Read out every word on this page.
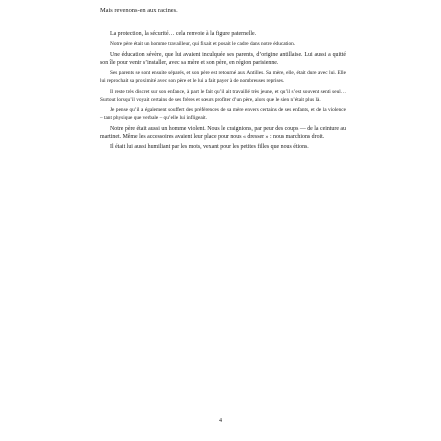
Mais revenons-en aux racines.

La protection, la sécurité… cela renvoie à la figure paternelle.

Notre père était un homme travailleur, qui fixait et posait le cadre dans notre éducation.

Une éducation sévère, que lui avaient inculquée ses parents, d’origine antillaise. Lui aussi a quitté son île pour venir s’installer, avec sa mère et son père, en région parisienne.

Ses parents se sont ensuite séparés, et son père est retourné aux Antilles. Sa mère, elle, était dure avec lui. Elle lui reprochait sa proximité avec son père et le lui a fait payer à de nombreuses reprises.

Il reste très discret sur son enfance, à part le fait qu’il ait travaillé très jeune, et qu’il s’est souvent senti seul… Surtout lorsqu’il voyait certains de ses frères et sœurs profiter d’un père, alors que le sien n’était plus là.

Je pense qu’il a également souffert des préférences de sa mère envers certains de ses enfants, et de la violence – tant physique que verbale – qu’elle lui infligeait.

Notre père était aussi un homme violent. Nous le craignions, par peur des coups — de la ceinture au martinet. Même les accessoires avaient leur place pour nous « dresser » : nous marchions droit.

Il était lui aussi humiliant par les mots, vexant pour les petites filles que nous étions.

4
